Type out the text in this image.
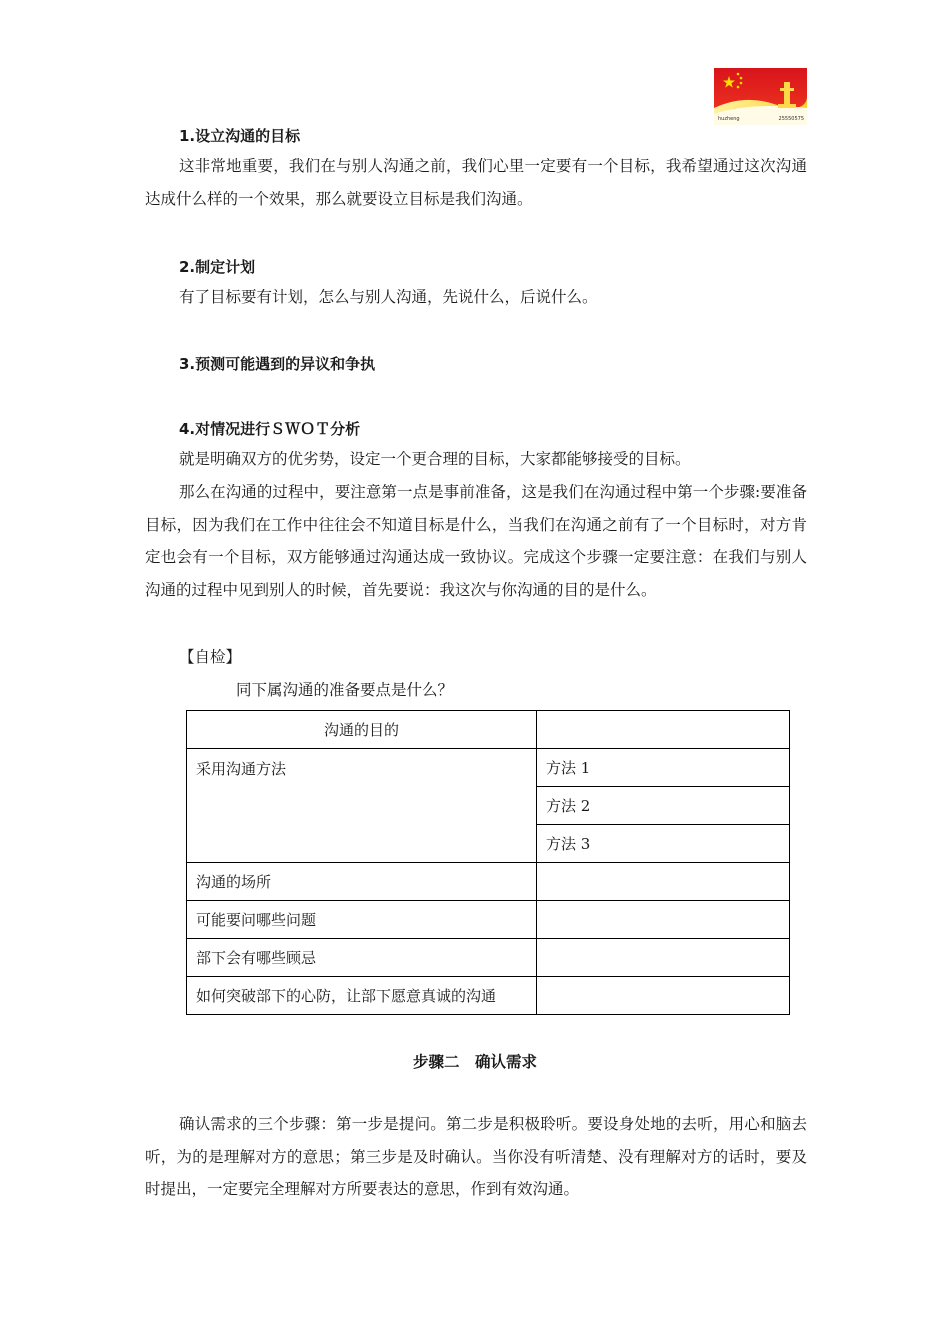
huzheng	25550575
1.设立沟通的目标
这非常地重要，我们在与别人沟通之前，我们心里一定要有一个目标，我希望通过这次沟通达成什么样的一个效果，那么就要设立目标是我们沟通。
2.制定计划
有了目标要有计划，怎么与别人沟通，先说什么，后说什么。
3.预测可能遇到的异议和争执
4.对情况进行ＳＷＯＴ分析
就是明确双方的优劣势，设定一个更合理的目标，大家都能够接受的目标。
那么在沟通的过程中，要注意第一点是事前准备，这是我们在沟通过程中第一个步骤:要准备目标，因为我们在工作中往往会不知道目标是什么，当我们在沟通之前有了一个目标时，对方肯定也会有一个目标，双方能够通过沟通达成一致协议。完成这个步骤一定要注意：在我们与别人沟通的过程中见到别人的时候，首先要说：我这次与你沟通的目的是什么。
【自检】
同下属沟通的准备要点是什么？
沟通的目的	
采用沟通方法	方法 1
	方法 2
	方法 3
沟通的场所	
可能要问哪些问题	
部下会有哪些顾忌	
如何突破部下的心防，让部下愿意真诚的沟通	
步骤二　确认需求
确认需求的三个步骤：第一步是提问。第二步是积极聆听。要设身处地的去听，用心和脑去听，为的是理解对方的意思；第三步是及时确认。当你没有听清楚、没有理解对方的话时，要及时提出，一定要完全理解对方所要表达的意思，作到有效沟通。
